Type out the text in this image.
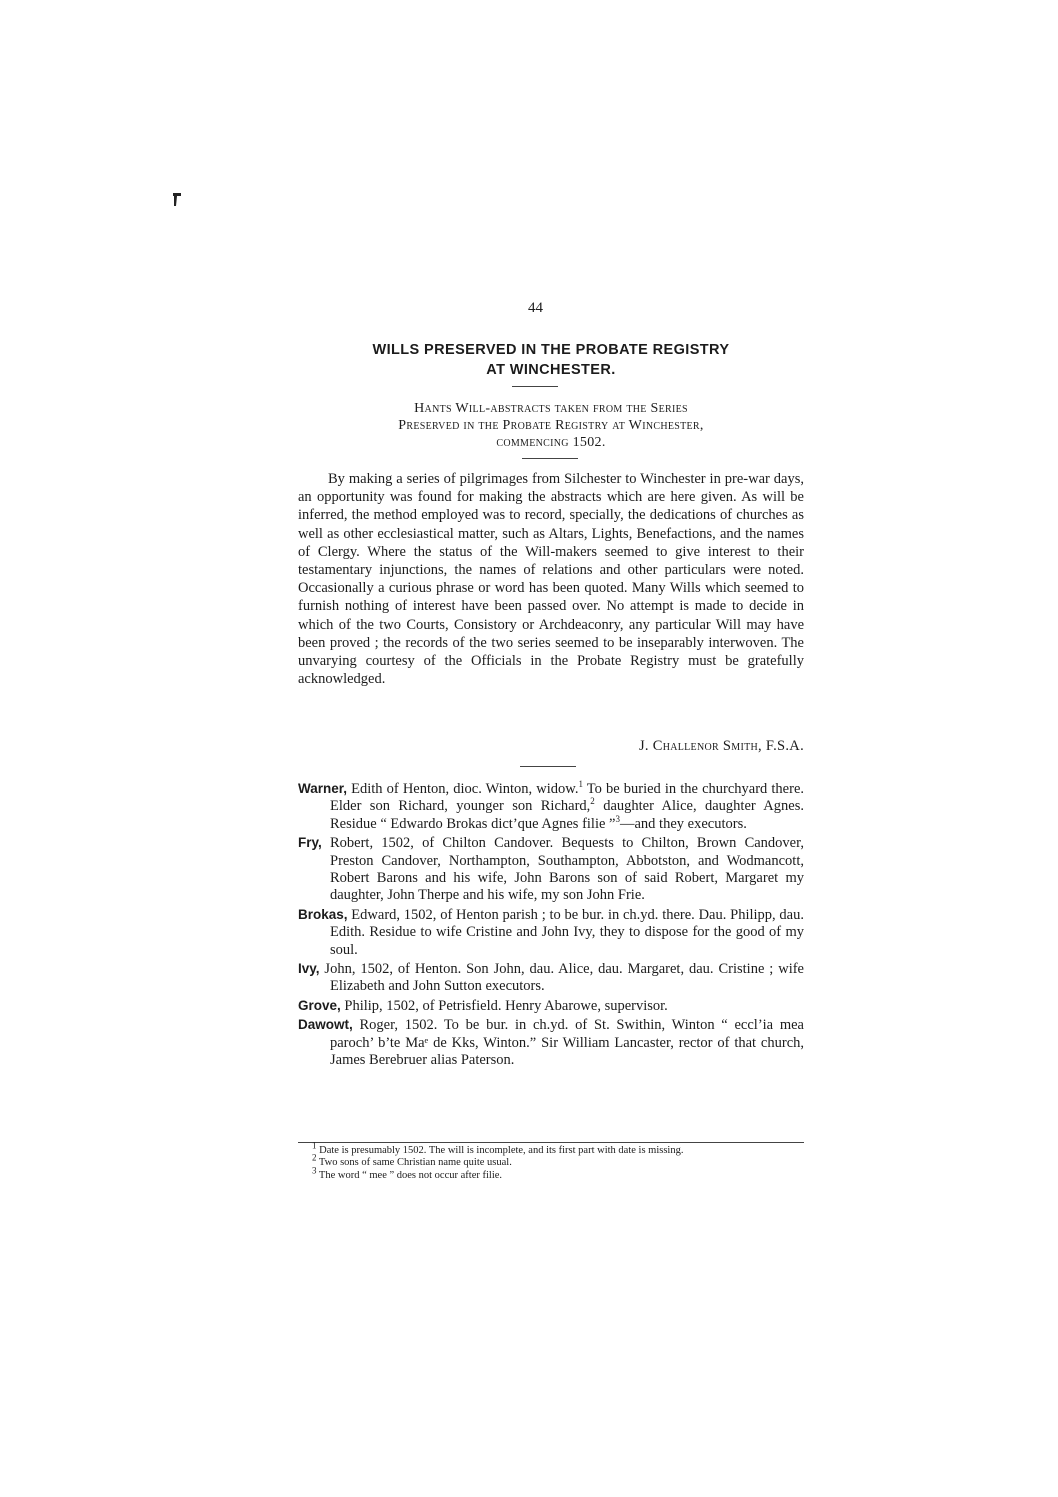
44
WILLS PRESERVED IN THE PROBATE REGISTRY
AT WINCHESTER.
Hants Will-abstracts taken from the Series
Preserved in the Probate Registry at Winchester,
commencing 1502.

By making a series of pilgrimages from Silchester to Winchester in pre-war days, an opportunity was found for making the abstracts which are here given. As will be inferred, the method employed was to record, specially, the dedications of churches as well as other ecclesiastical matter, such as Altars, Lights, Benefactions, and the names of Clergy. Where the status of the Will-makers seemed to give interest to their testamentary injunctions, the names of relations and other particulars were noted. Occasionally a curious phrase or word has been quoted. Many Wills which seemed to furnish nothing of interest have been passed over. No attempt is made to decide in which of the two Courts, Consistory or Archdeaconry, any particular Will may have been proved ; the records of the two series seemed to be inseparably interwoven. The unvarying courtesy of the Officials in the Probate Registry must be gratefully acknowledged.

J. Challenor Smith, F.S.A.
Warner, Edith of Henton, dioc. Winton, widow.$^1$ To be buried in the churchyard there. Elder son Richard, younger son Richard,$^2$ daughter Alice, daughter Agnes. Residue “ Edwardo Brokas dict’que Agnes filie ”$^3$—and they executors.
Fry, Robert, 1502, of Chilton Candover. Bequests to Chilton, Brown Candover, Preston Candover, Northampton, Southampton, Abbotston, and Wodmancott, Robert Barons and his wife, John Barons son of said Robert, Margaret my daughter, John Therpe and his wife, my son John Frie.
Brokas, Edward, 1502, of Henton parish ; to be bur. in ch.yd. there. Dau. Philipp, dau. Edith. Residue to wife Cristine and John Ivy, they to dispose for the good of my soul.
Ivy, John, 1502, of Henton. Son John, dau. Alice, dau. Margaret, dau. Cristine ; wife Elizabeth and John Sutton executors.
Grove, Philip, 1502, of Petrisfield. Henry Abarowe, supervisor.
Dawowt, Roger, 1502. To be bur. in ch.yd. of St. Swithin, Winton “ eccl’ia mea paroch’ b’te Maᵉ de Kks, Winton.” Sir William Lancaster, rector of that church, James Berebruer alias Paterson.

$^1$ Date is presumably 1502. The will is incomplete, and its first part with date is missing.

$^2$ Two sons of same Christian name quite usual.

$^3$ The word “ mee ” does not occur after filie.
